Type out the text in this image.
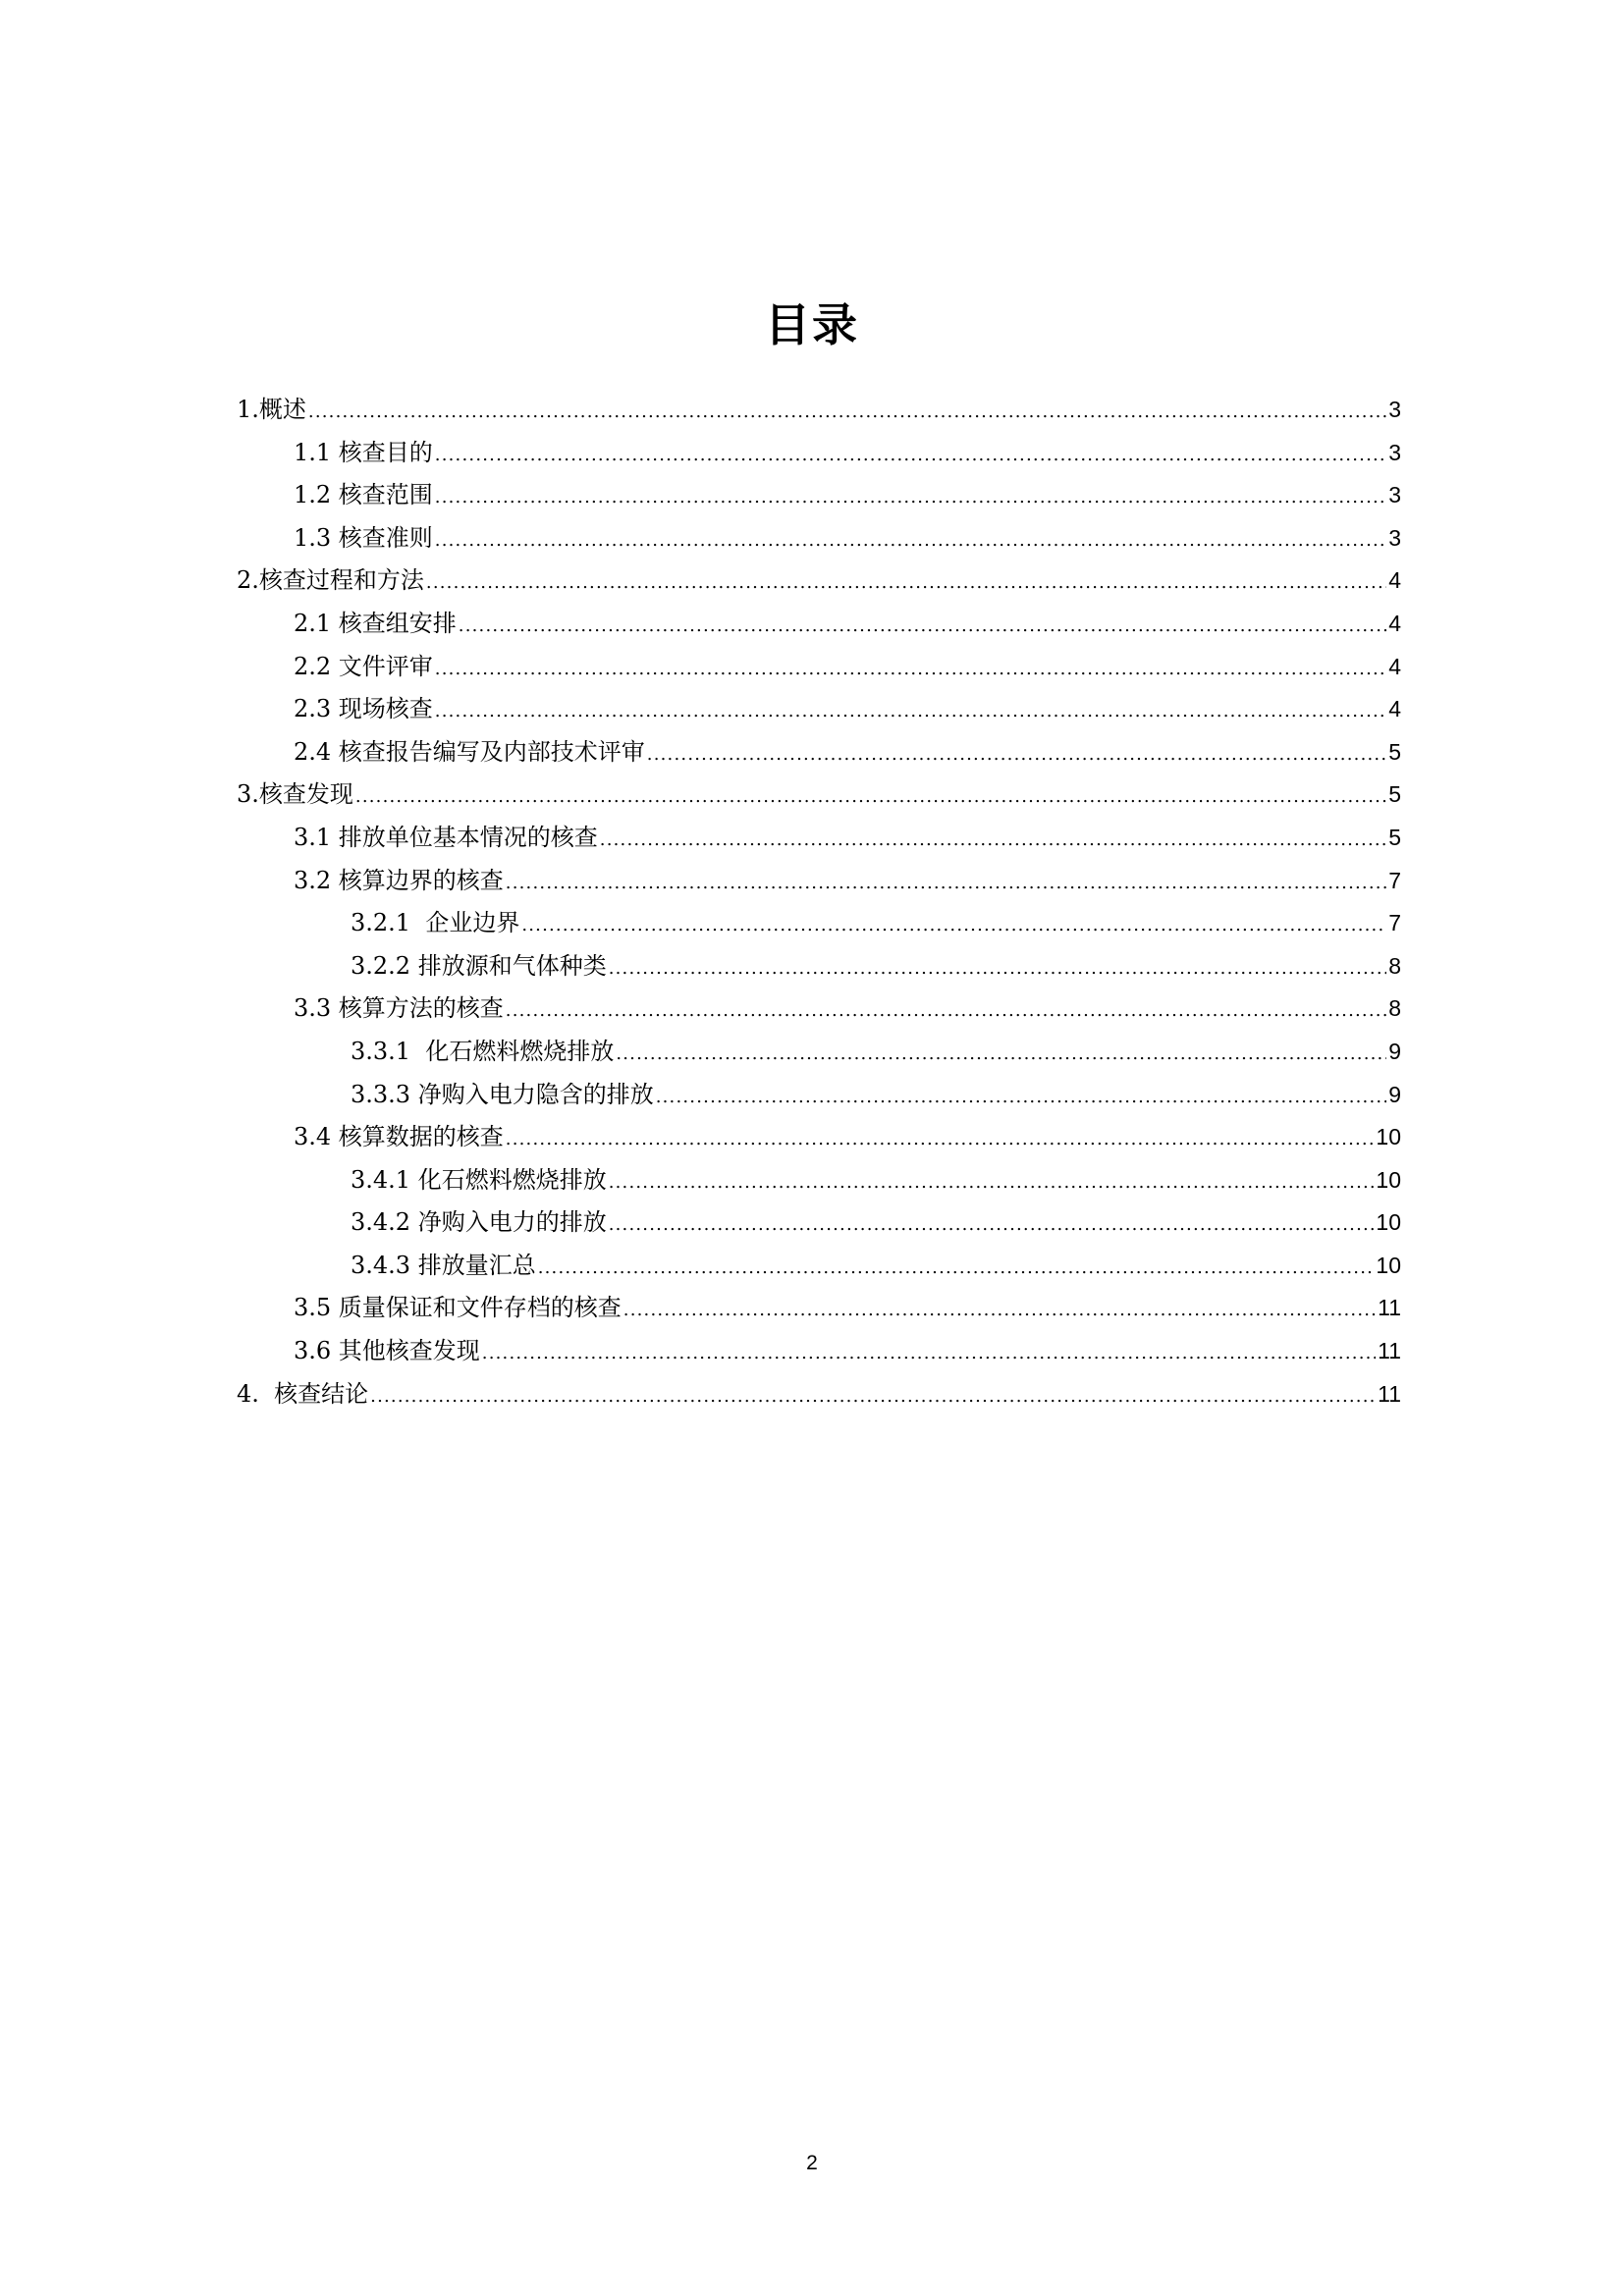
目录
1.概述 .....	3
1.1 核查目的 .....	3
1.2 核查范围 .....	3
1.3 核查准则 .....	3
2.核查过程和方法 .....	4
2.1 核查组安排 .....	4
2.2 文件评审 .....	4
2.3 现场核查 .....	4
2.4 核查报告编写及内部技术评审 .....	5
3.核查发现 .....	5
3.1 排放单位基本情况的核查 .....	5
3.2 核算边界的核查 .....	7
3.2.1  企业边界 .....	7
3.2.2 排放源和气体种类 .....	8
3.3 核算方法的核查 .....	8
3.3.1  化石燃料燃烧排放 .....	9
3.3.3 净购入电力隐含的排放 .....	9
3.4 核算数据的核查 .....	10
3.4.1 化石燃料燃烧排放 .....	10
3.4.2 净购入电力的排放 .....	10
3.4.3 排放量汇总 .....	10
3.5 质量保证和文件存档的核查 .....	11
3.6 其他核查发现 .....	11
4.  核查结论 .....	11
2
